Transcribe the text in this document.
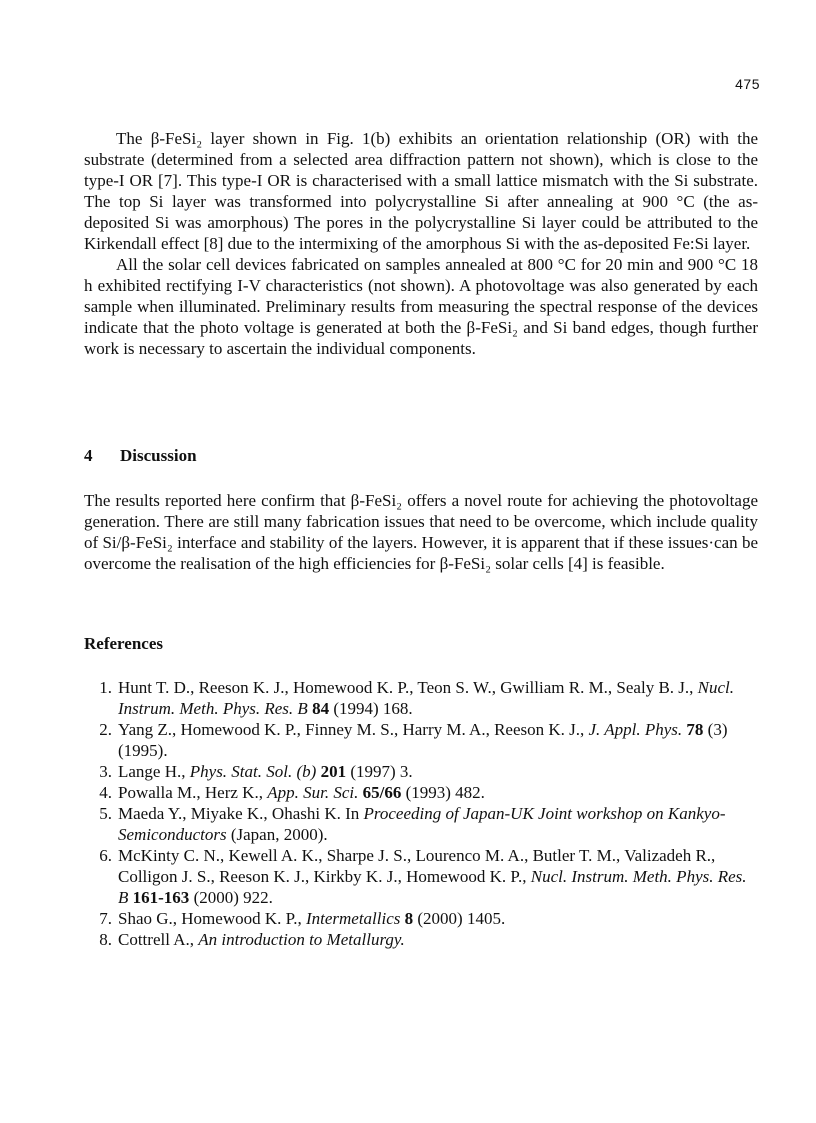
475

The β-FeSi₂ layer shown in Fig. 1(b) exhibits an orientation relationship (OR) with the substrate (determined from a selected area diffraction pattern not shown), which is close to the type-I OR [7]. This type-I OR is characterised with a small lattice mismatch with the Si substrate. The top Si layer was transformed into polycrystalline Si after annealing at 900 °C (the as-deposited Si was amorphous) The pores in the polycrystalline Si layer could be attributed to the Kirkendall effect [8] due to the intermixing of the amorphous Si with the as-deposited Fe:Si layer.

All the solar cell devices fabricated on samples annealed at 800 °C for 20 min and 900 °C 18 h exhibited rectifying I-V characteristics (not shown). A photovoltage was also generated by each sample when illuminated. Preliminary results from measuring the spectral response of the devices indicate that the photo voltage is generated at both the β-FeSi₂ and Si band edges, though further work is necessary to ascertain the individual components.

4 Discussion

The results reported here confirm that β-FeSi₂ offers a novel route for achieving the photovoltage generation. There are still many fabrication issues that need to be overcome, which include quality of Si/β-FeSi₂ interface and stability of the layers. However, it is apparent that if these issues·can be overcome the realisation of the high efficiencies for β-FeSi₂ solar cells [4] is feasible.

References
1 . Hunt T. D., Reeson K. J., Homewood K. P., Teon S. W., Gwilliam R. M., Sealy B. J., Nucl. Instrum. Meth. Phys. Res. B 84 (1994) 168.
2 . Yang Z., Homewood K. P., Finney M. S., Harry M. A., Reeson K. J., J. Appl. Phys. 78 (3) (1995).
3 . Lange H., Phys. Stat. Sol. (b) 201 (1997) 3.
4 . Powalla M., Herz K., App. Sur. Sci. 65/66 (1993) 482.
5 . Maeda Y., Miyake K., Ohashi K. In Proceeding of Japan-UK Joint workshop on Kankyo-Semiconductors (Japan, 2000).
6 . McKinty C. N., Kewell A. K., Sharpe J. S., Lourenco M. A., Butler T. M., Valizadeh R., Colligon J. S., Reeson K. J., Kirkby K. J., Homewood K. P., Nucl. Instrum. Meth. Phys. Res. B 161-163 (2000) 922.
7 . Shao G., Homewood K. P., Intermetallics 8 (2000) 1405.
8 . Cottrell A., An introduction to Metallurgy.
